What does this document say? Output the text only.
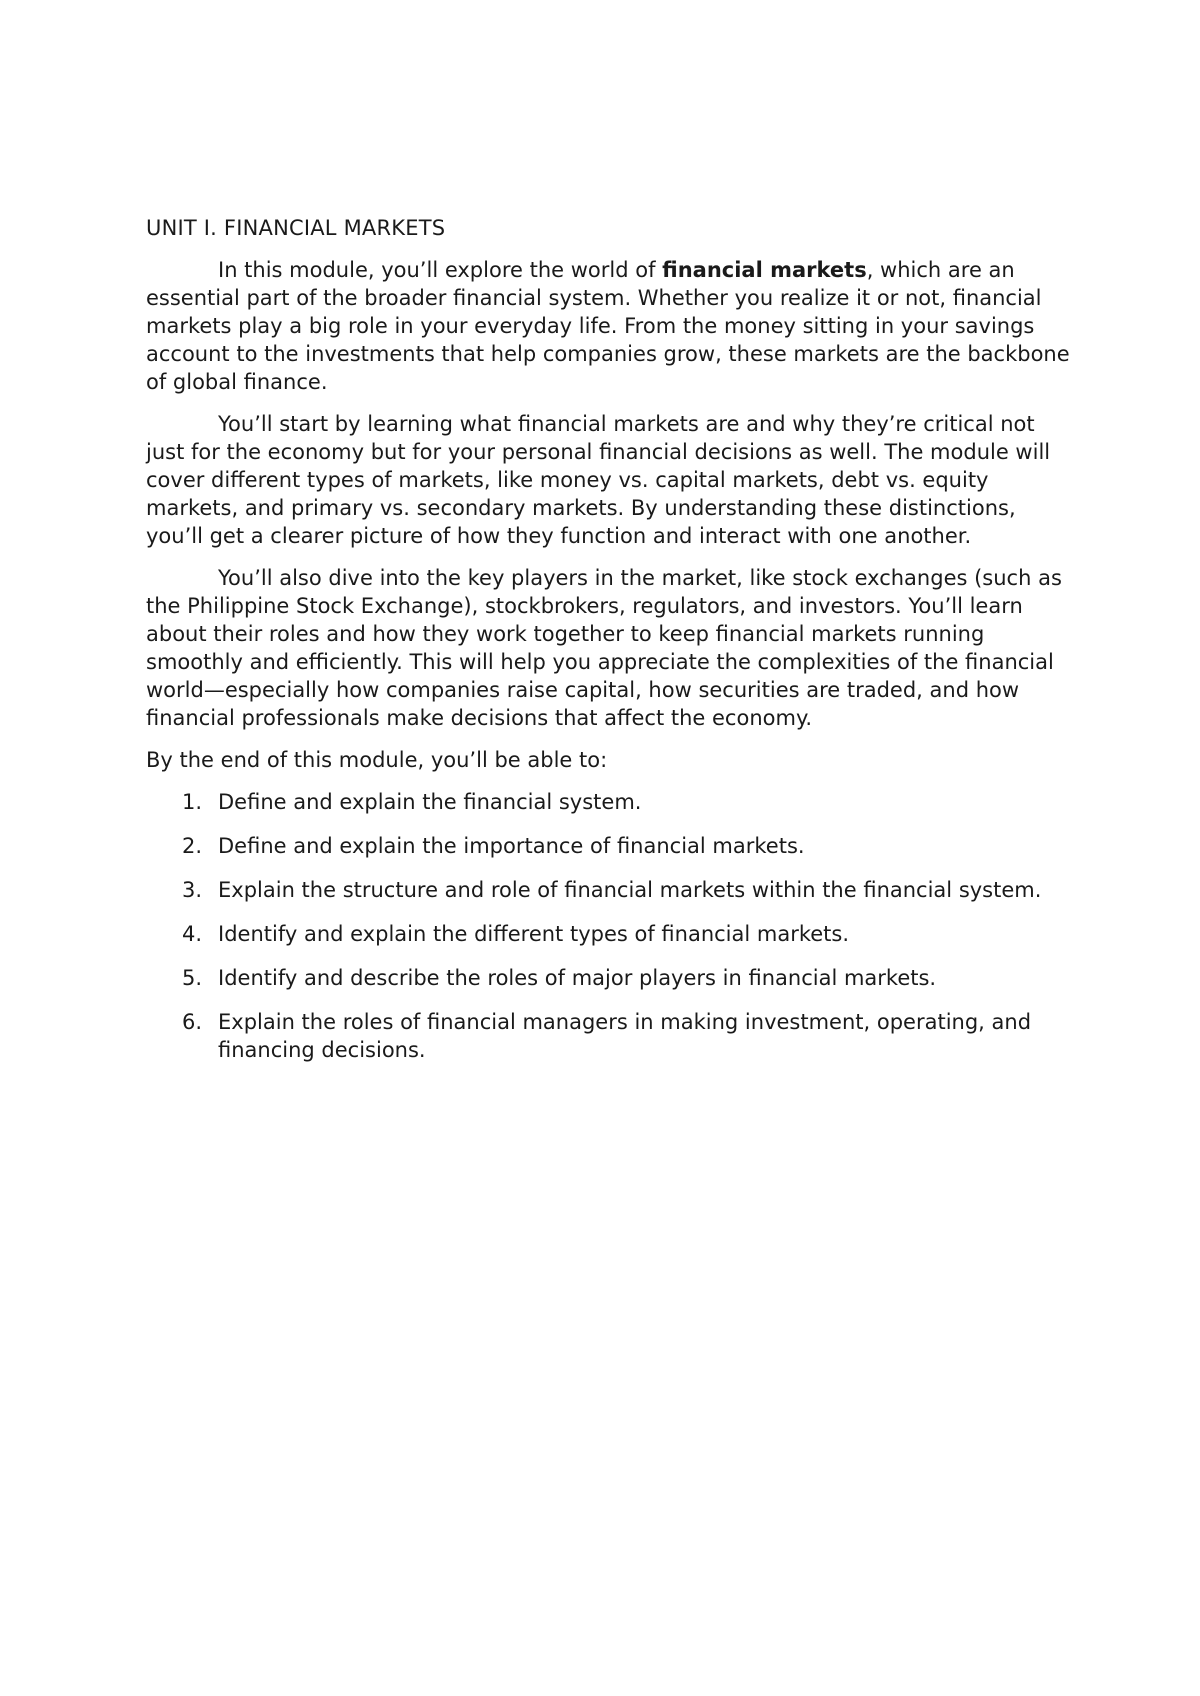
UNIT I. FINANCIAL MARKETS

In this module, you’ll explore the world of financial markets, which are an essential part of the broader financial system. Whether you realize it or not, financial markets play a big role in your everyday life. From the money sitting in your savings account to the investments that help companies grow, these markets are the backbone of global finance.

You’ll start by learning what financial markets are and why they’re critical not just for the economy but for your personal financial decisions as well. The module will cover different types of markets, like money vs. capital markets, debt vs. equity markets, and primary vs. secondary markets. By understanding these distinctions, you’ll get a clearer picture of how they function and interact with one another.

You’ll also dive into the key players in the market, like stock exchanges (such as the Philippine Stock Exchange), stockbrokers, regulators, and investors. You’ll learn about their roles and how they work together to keep financial markets running smoothly and efficiently. This will help you appreciate the complexities of the financial world—especially how companies raise capital, how securities are traded, and how financial professionals make decisions that affect the economy.

By the end of this module, you’ll be able to:

1. Define and explain the financial system.
2. Define and explain the importance of financial markets.
3. Explain the structure and role of financial markets within the financial system.
4. Identify and explain the different types of financial markets.
5. Identify and describe the roles of major players in financial markets.
6. Explain the roles of financial managers in making investment, operating, and financing decisions.
